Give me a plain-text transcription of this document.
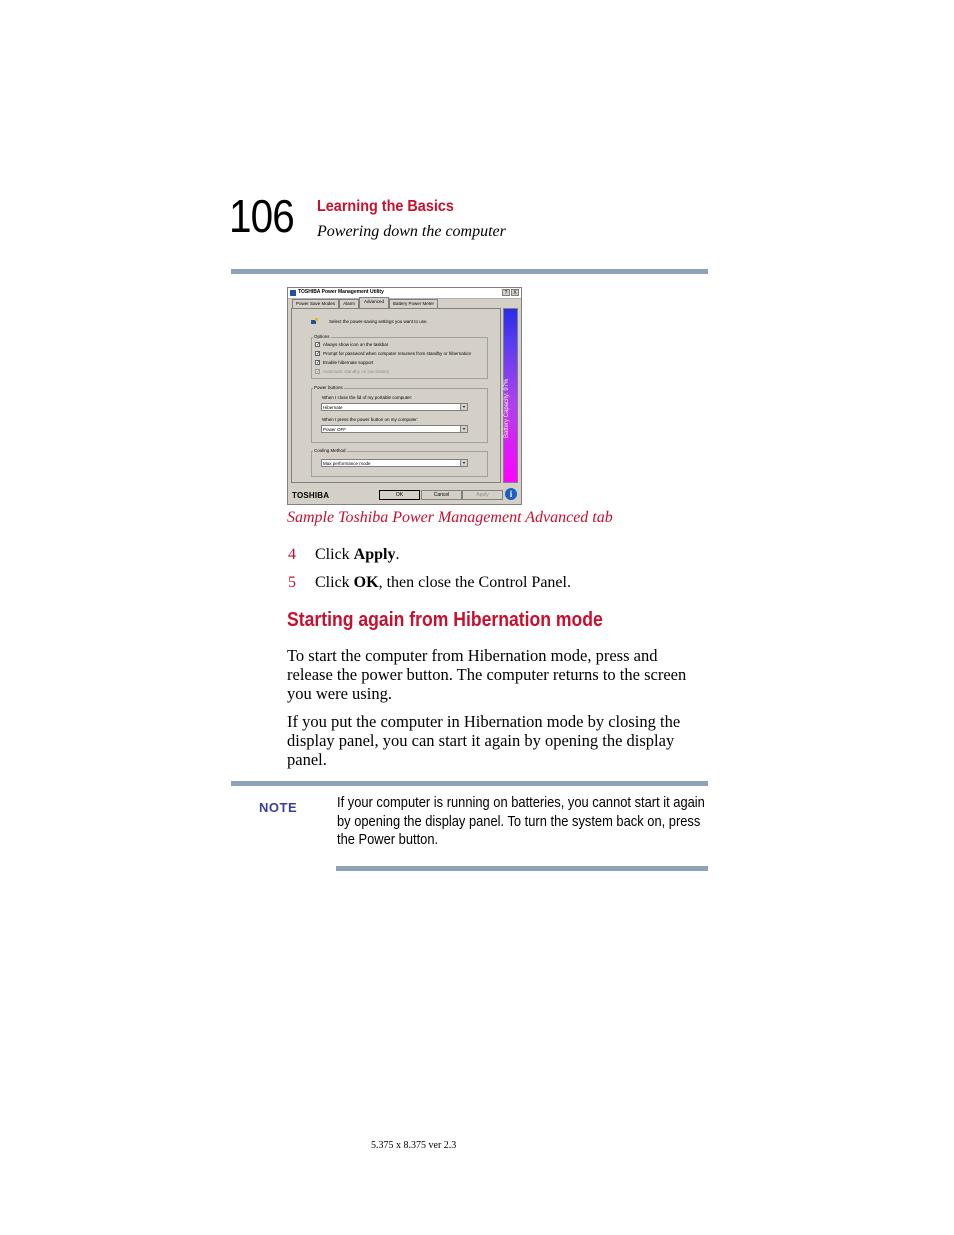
106 Learning the Basics
Powering down the computer
TOSHIBA Power Management Utility	?	X
Power Save Modes	Alarm	Advanced	Battery Power Meter
Select the power-saving settings you want to use.
Options
✓ Always show icon on the taskbar
✓ Prompt for password when computer resumes from standby or hibernation
✓ Enable hibernate support
✓ Automatic standby on low battery
Power buttons
When I close the lid of my portable computer:
Hibernate	▾
When I press the power button on my computer:
Power OFF	▾
Cooling Method
Max performance mode	▾
TOSHIBA	OK	Cancel	Apply	i
Sample Toshiba Power Management Advanced tab
4 Click Apply.
5 Click OK, then close the Control Panel.
Starting again from Hibernation mode
To start the computer from Hibernation mode, press and release the power button. The computer returns to the screen you were using.
If you put the computer in Hibernation mode by closing the display panel, you can start it again by opening the display panel.
NOTE	If your computer is running on batteries, you cannot start it again by opening the display panel. To turn the system back on, press the Power button.
5.375 x 8.375 ver 2.3
